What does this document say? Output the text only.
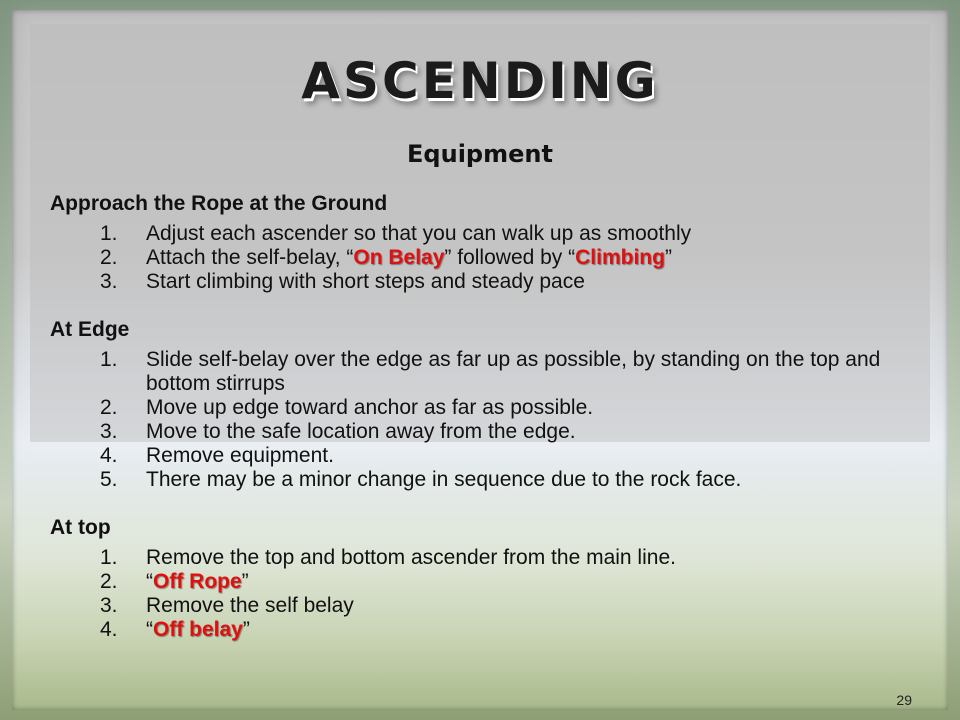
ASCENDING
Equipment
Approach the Rope at the Ground
1. Adjust each ascender so that you can walk up as smoothly
2. Attach the self-belay, “On Belay” followed by “Climbing”
3. Start climbing with short steps and steady pace
At Edge
1. Slide self-belay over the edge as far up as possible, by standing on the top and bottom stirrups
2. Move up edge toward anchor as far as possible.
3. Move to the safe location away from the edge.
4. Remove equipment.
5. There may be a minor change in sequence due to the rock face.
At top
1. Remove the top and bottom ascender from the main line.
2. “Off Rope”
3. Remove the self belay
4. “Off belay”
29
